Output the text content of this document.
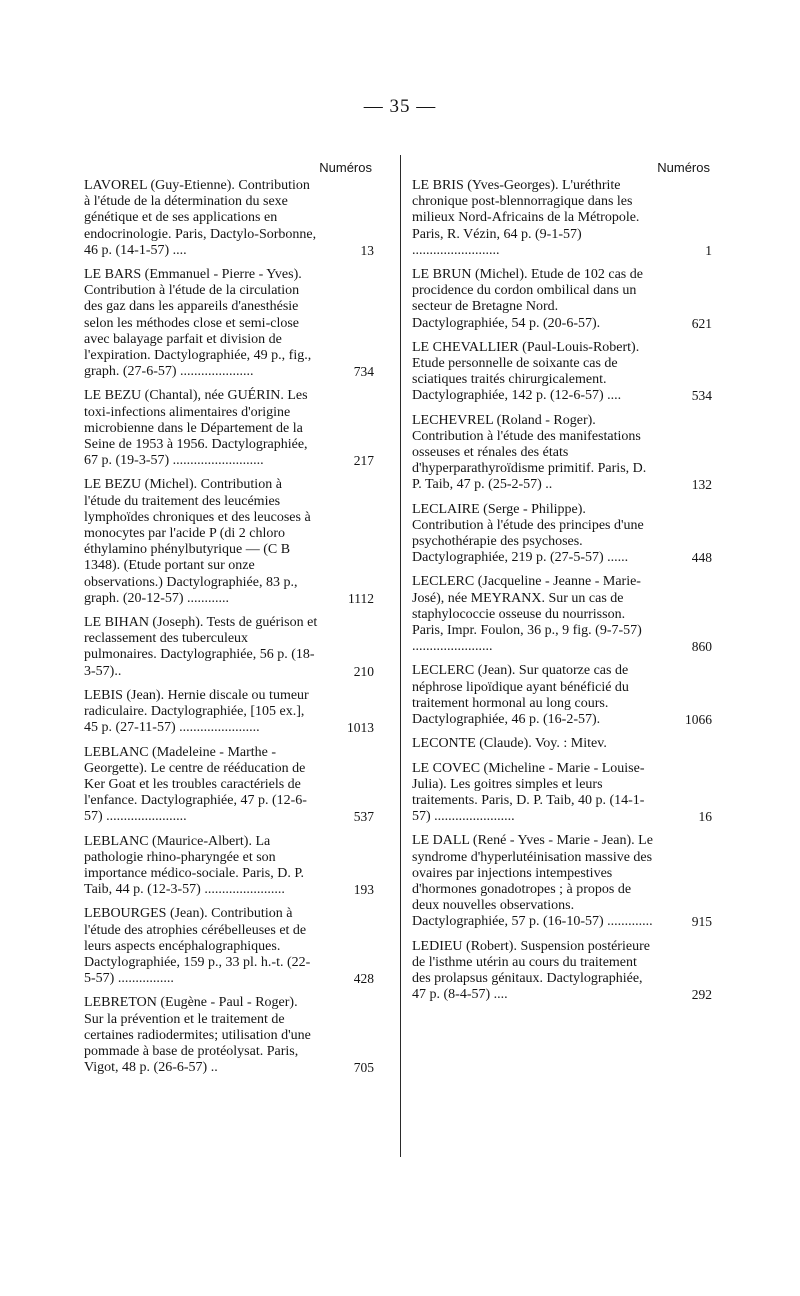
— 35 —
Numéros
LAVOREL (Guy-Etienne). Contribution à l'étude de la détermination du sexe génétique et de ses applications en endocrinologie. Paris, Dactylo-Sorbonne, 46 p. (14-1-57) ....	13
LE BARS (Emmanuel - Pierre - Yves). Contribution à l'étude de la circulation des gaz dans les appareils d'anesthésie selon les méthodes close et semi-close avec balayage parfait et division de l'expiration. Dactylographiée, 49 p., fig., graph. (27-6-57) .....................	734
LE BEZU (Chantal), née GUÉRIN. Les toxi-infections alimentaires d'origine microbienne dans le Département de la Seine de 1953 à 1956. Dactylographiée, 67 p. (19-3-57) ..........................	217
LE BEZU (Michel). Contribution à l'étude du traitement des leucémies lymphoïdes chroniques et des leucoses à monocytes par l'acide P (di 2 chloro éthylamino phénylbutyrique — (C B 1348). (Etude portant sur onze observations.) Dactylographiée, 83 p., graph. (20-12-57) ............	1112
LE BIHAN (Joseph). Tests de guérison et reclassement des tuberculeux pulmonaires. Dactylographiée, 56 p. (18-3-57)..	210
LEBIS (Jean). Hernie discale ou tumeur radiculaire. Dactylographiée, [105 ex.], 45 p. (27-11-57) .......................	1013
LEBLANC (Madeleine - Marthe - Georgette). Le centre de rééducation de Ker Goat et les troubles caractériels de l'enfance. Dactylographiée, 47 p. (12-6-57) .......................	537
LEBLANC (Maurice-Albert). La pathologie rhino-pharyngée et son importance médico-sociale. Paris, D. P. Taib, 44 p. (12-3-57) .......................	193
LEBOURGES (Jean). Contribution à l'étude des atrophies cérébelleuses et de leurs aspects encéphalographiques. Dactylographiée, 159 p., 33 pl. h.-t. (22-5-57) ................	428
LEBRETON (Eugène - Paul - Roger). Sur la prévention et le traitement de certaines radiodermites; utilisation d'une pommade à base de protéolysat. Paris, Vigot, 48 p. (26-6-57) ..	705
Numéros
LE BRIS (Yves-Georges). L'uréthrite chronique post-blennorragique dans les milieux Nord-Africains de la Métropole. Paris, R. Vézin, 64 p. (9-1-57) .........................	1
LE BRUN (Michel). Etude de 102 cas de procidence du cordon ombilical dans un secteur de Bretagne Nord. Dactylographiée, 54 p. (20-6-57).	621
LE CHEVALLIER (Paul-Louis-Robert). Etude personnelle de soixante cas de sciatiques traités chirurgicalement. Dactylographiée, 142 p. (12-6-57) ....	534
LECHEVREL (Roland - Roger). Contribution à l'étude des manifestations osseuses et rénales des états d'hyperparathyroïdisme primitif. Paris, D. P. Taib, 47 p. (25-2-57) ..	132
LECLAIRE (Serge - Philippe). Contribution à l'étude des principes d'une psychothérapie des psychoses. Dactylographiée, 219 p. (27-5-57) ......	448
LECLERC (Jacqueline - Jeanne - Marie-José), née MEYRANX. Sur un cas de staphylococcie osseuse du nourrisson. Paris, Impr. Foulon, 36 p., 9 fig. (9-7-57) .......................	860
LECLERC (Jean). Sur quatorze cas de néphrose lipoïdique ayant bénéficié du traitement hormonal au long cours. Dactylographiée, 46 p. (16-2-57).	1066
LECONTE (Claude). Voy. : Mitev.
LE COVEC (Micheline - Marie - Louise-Julia). Les goitres simples et leurs traitements. Paris, D. P. Taib, 40 p. (14-1-57) .......................	16
LE DALL (René - Yves - Marie - Jean). Le syndrome d'hyperlutéinisation massive des ovaires par injections intempestives d'hormones gonadotropes ; à propos de deux nouvelles observations. Dactylographiée, 57 p. (16-10-57) .............	915
LEDIEU (Robert). Suspension postérieure de l'isthme utérin au cours du traitement des prolapsus génitaux. Dactylographiée, 47 p. (8-4-57) ....	292
